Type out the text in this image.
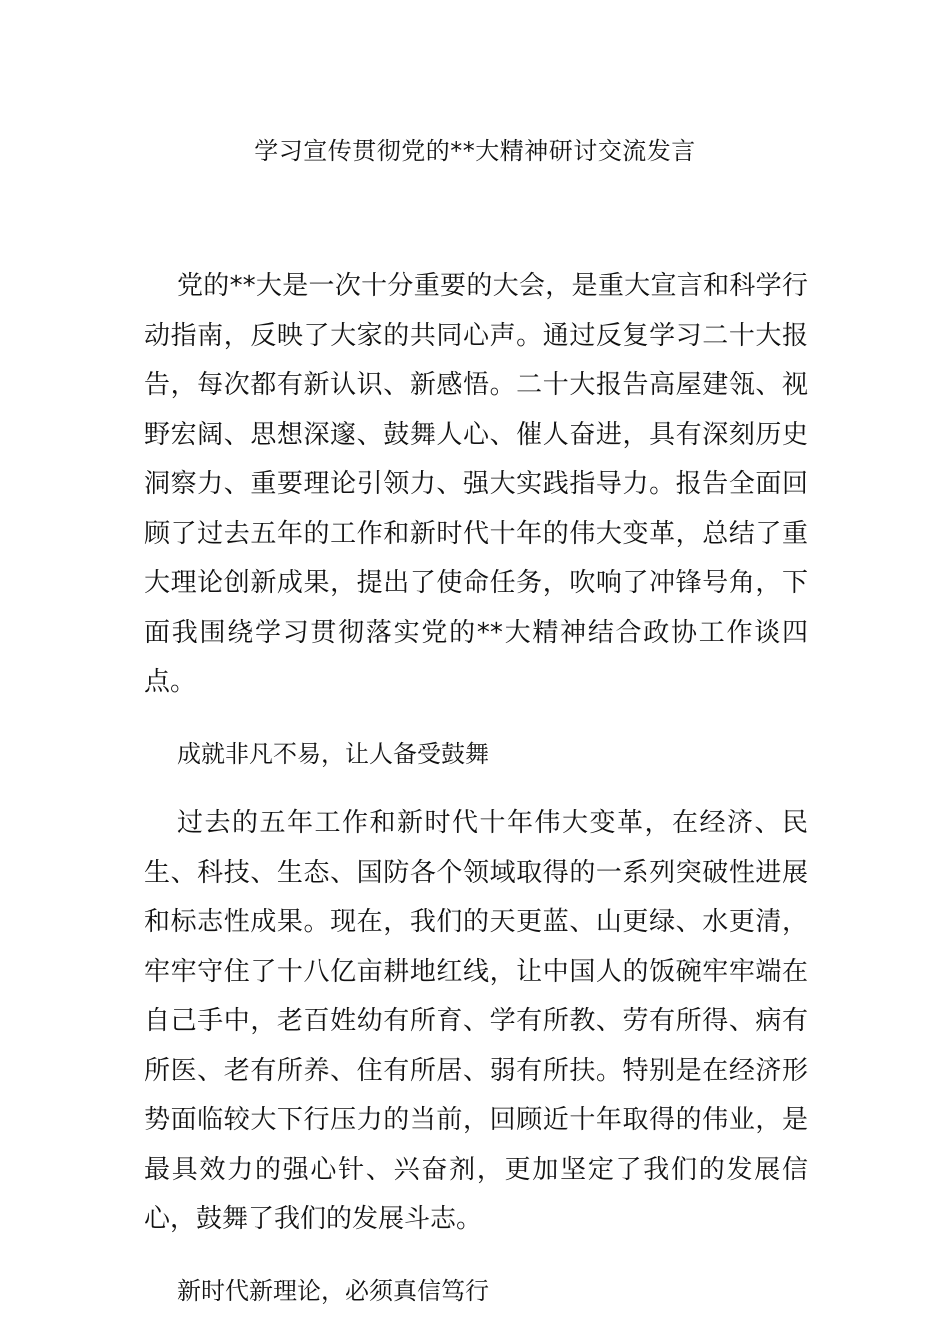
学习宣传贯彻党的**大精神研讨交流发言

党的**大是一次十分重要的大会，是重大宣言和科学行动指南，反映了大家的共同心声。通过反复学习二十大报告，每次都有新认识、新感悟。二十大报告高屋建瓴、视野宏阔、思想深邃、鼓舞人心、催人奋进，具有深刻历史洞察力、重要理论引领力、强大实践指导力。报告全面回顾了过去五年的工作和新时代十年的伟大变革，总结了重大理论创新成果，提出了使命任务，吹响了冲锋号角，下面我围绕学习贯彻落实党的**大精神结合政协工作谈四点。

成就非凡不易，让人备受鼓舞

过去的五年工作和新时代十年伟大变革，在经济、民生、科技、生态、国防各个领域取得的一系列突破性进展和标志性成果。现在，我们的天更蓝、山更绿、水更清，牢牢守住了十八亿亩耕地红线，让中国人的饭碗牢牢端在自己手中，老百姓幼有所育、学有所教、劳有所得、病有所医、老有所养、住有所居、弱有所扶。特别是在经济形势面临较大下行压力的当前，回顾近十年取得的伟业，是最具效力的强心针、兴奋剂，更加坚定了我们的发展信心，鼓舞了我们的发展斗志。

新时代新理论，必须真信笃行
